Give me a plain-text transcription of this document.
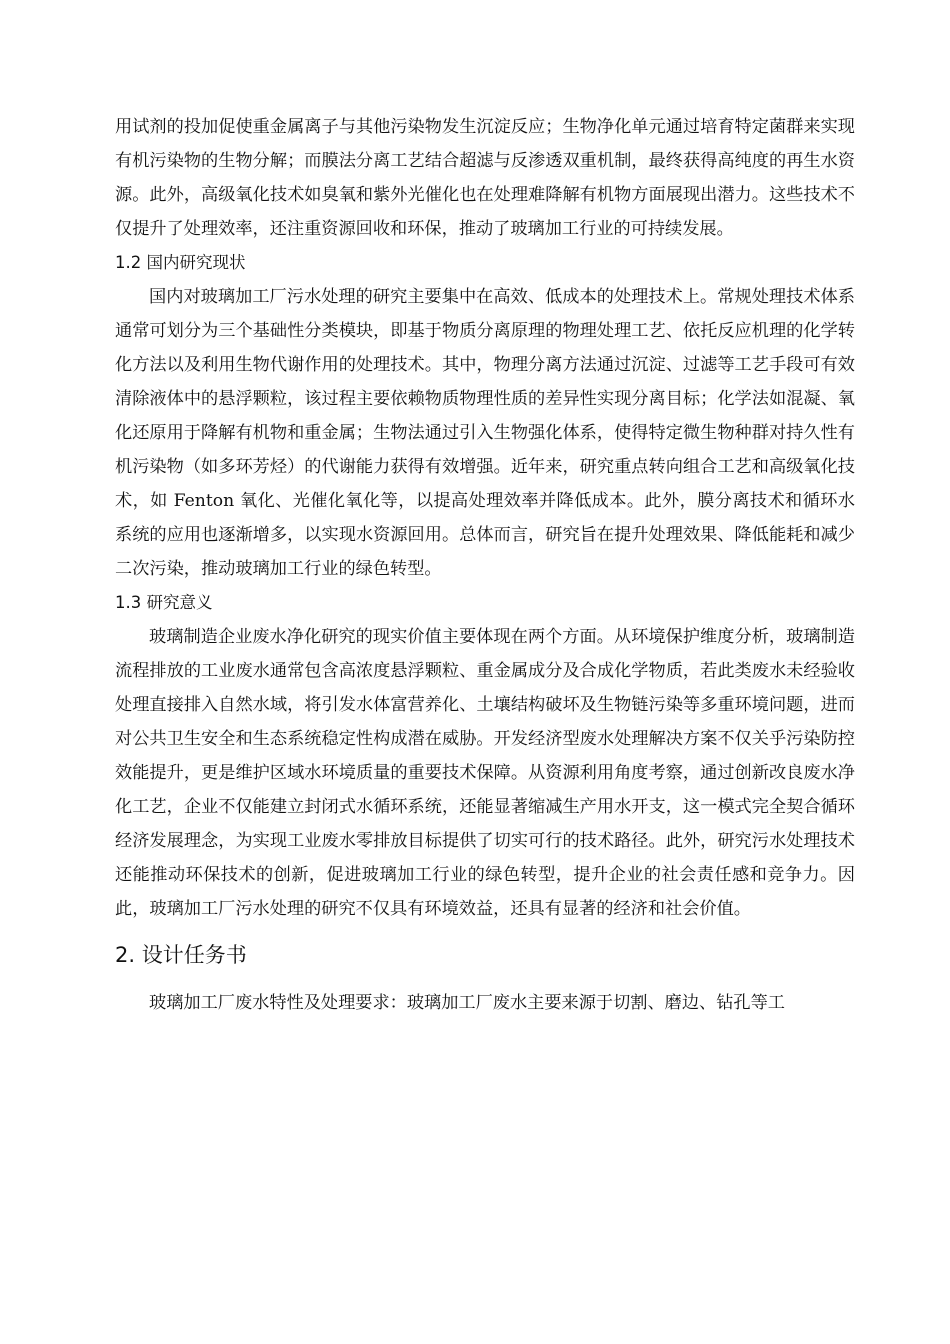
用试剂的投加促使重金属离子与其他污染物发生沉淀反应；生物净化单元通过培育特定菌群来实现有机污染物的生物分解；而膜法分离工艺结合超滤与反渗透双重机制，最终获得高纯度的再生水资源。此外，高级氧化技术如臭氧和紫外光催化也在处理难降解有机物方面展现出潜力。这些技术不仅提升了处理效率，还注重资源回收和环保，推动了玻璃加工行业的可持续发展。

1.2 国内研究现状

国内对玻璃加工厂污水处理的研究主要集中在高效、低成本的处理技术上。常规处理技术体系通常可划分为三个基础性分类模块，即基于物质分离原理的物理处理工艺、依托反应机理的化学转化方法以及利用生物代谢作用的处理技术。其中，物理分离方法通过沉淀、过滤等工艺手段可有效清除液体中的悬浮颗粒，该过程主要依赖物质物理性质的差异性实现分离目标；化学法如混凝、氧化还原用于降解有机物和重金属；生物法通过引入生物强化体系，使得特定微生物种群对持久性有机污染物（如多环芳烃）的代谢能力获得有效增强。近年来，研究重点转向组合工艺和高级氧化技术，如 Fenton 氧化、光催化氧化等，以提高处理效率并降低成本。此外，膜分离技术和循环水系统的应用也逐渐增多，以实现水资源回用。总体而言，研究旨在提升处理效果、降低能耗和减少二次污染，推动玻璃加工行业的绿色转型。

1.3 研究意义

玻璃制造企业废水净化研究的现实价值主要体现在两个方面。从环境保护维度分析，玻璃制造流程排放的工业废水通常包含高浓度悬浮颗粒、重金属成分及合成化学物质，若此类废水未经验收处理直接排入自然水域，将引发水体富营养化、土壤结构破坏及生物链污染等多重环境问题，进而对公共卫生安全和生态系统稳定性构成潜在威胁。开发经济型废水处理解决方案不仅关乎污染防控效能提升，更是维护区域水环境质量的重要技术保障。从资源利用角度考察，通过创新改良废水净化工艺，企业不仅能建立封闭式水循环系统，还能显著缩减生产用水开支，这一模式完全契合循环经济发展理念，为实现工业废水零排放目标提供了切实可行的技术路径。此外，研究污水处理技术还能推动环保技术的创新，促进玻璃加工行业的绿色转型，提升企业的社会责任感和竞争力。因此，玻璃加工厂污水处理的研究不仅具有环境效益，还具有显著的经济和社会价值。

2. 设计任务书

玻璃加工厂废水特性及处理要求：玻璃加工厂废水主要来源于切割、磨边、钻孔等工
